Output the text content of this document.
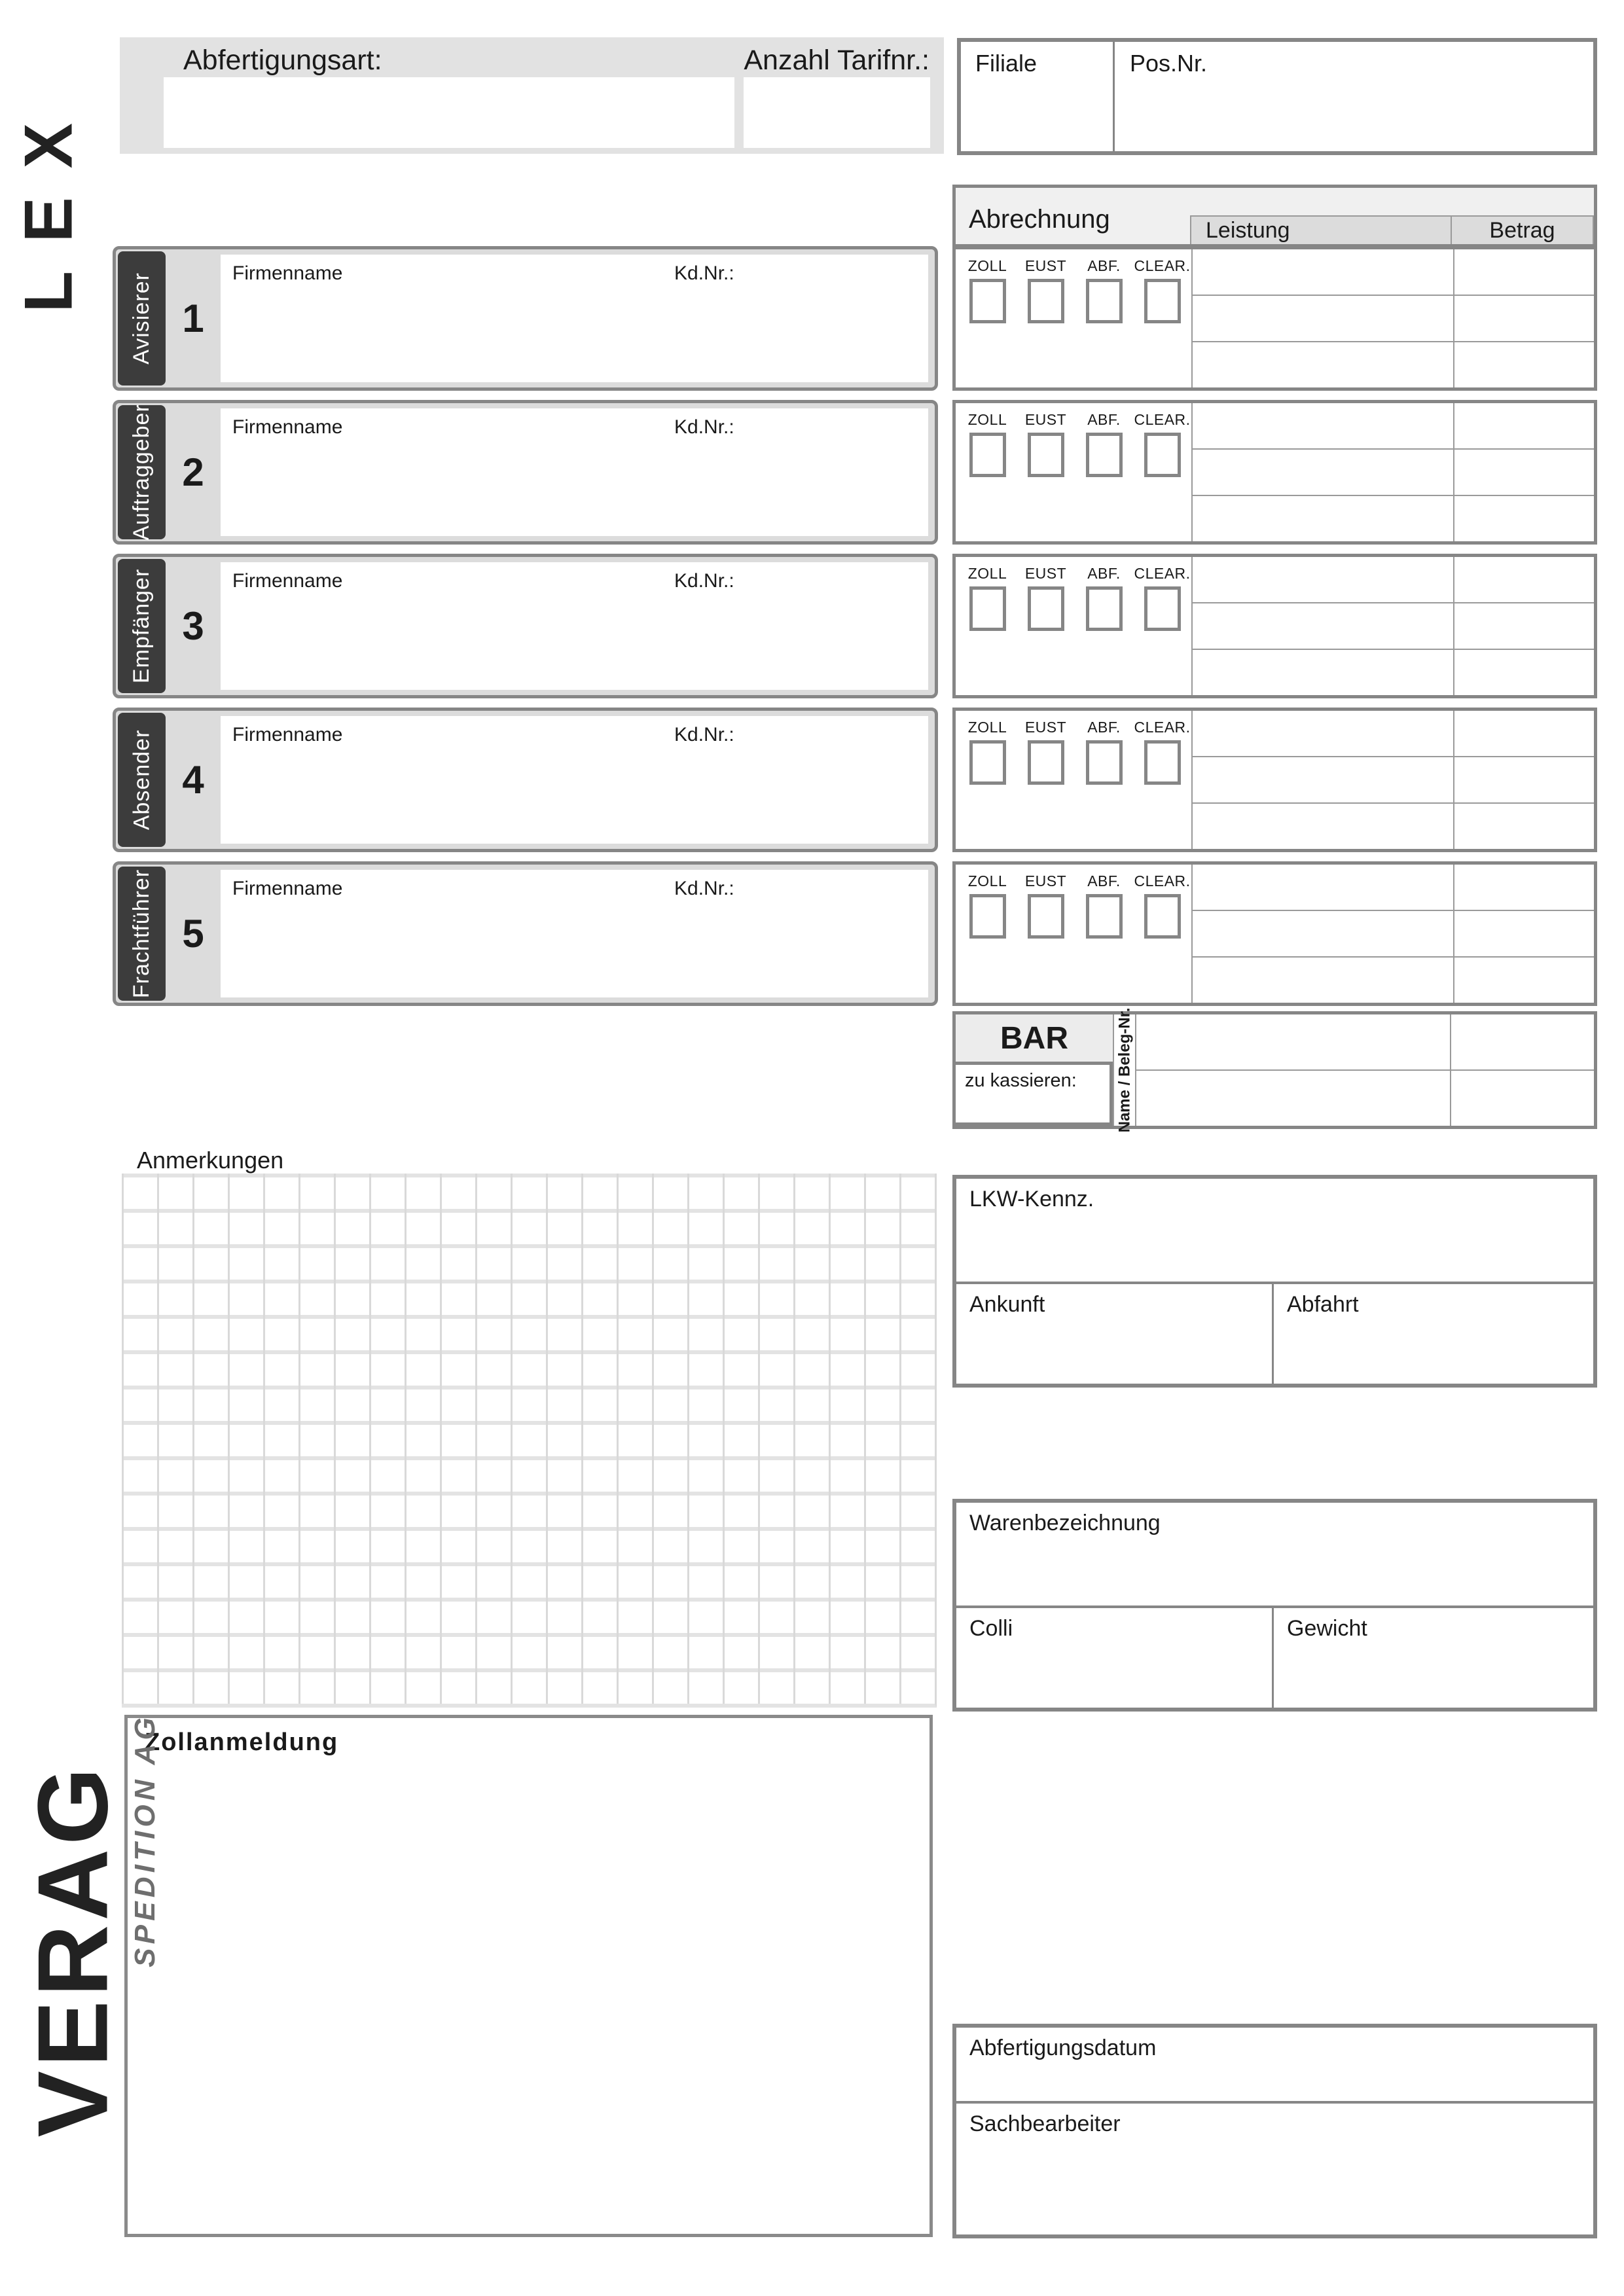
LEX
Abfertigungsart:	Anzahl Tarifnr.: Filiale	Pos.Nr.
Abrechnung	Leistung	Betrag
Avisierer 1
Firmenname	Kd.Nr.:	ZOLL EUST ABF. CLEAR.
Auftraggeber 2
Firmenname	Kd.Nr.:	ZOLL EUST ABF. CLEAR.
Empfänger 3
Firmenname	Kd.Nr.:	ZOLL EUST ABF. CLEAR.
Absender 4
Firmenname	Kd.Nr.:	ZOLL EUST ABF. CLEAR.
Frachtführer 5
Firmenname	Kd.Nr.:	ZOLL EUST ABF. CLEAR.
BAR
zu kassieren:	Name / Beleg-Nr.
Anmerkungen
LKW-Kennz.
Ankunft	Abfahrt
Warenbezeichnung
Colli	Gewicht
Zollanmeldung
Abfertigungsdatum
Sachbearbeiter
VERAG SPEDITION AG
